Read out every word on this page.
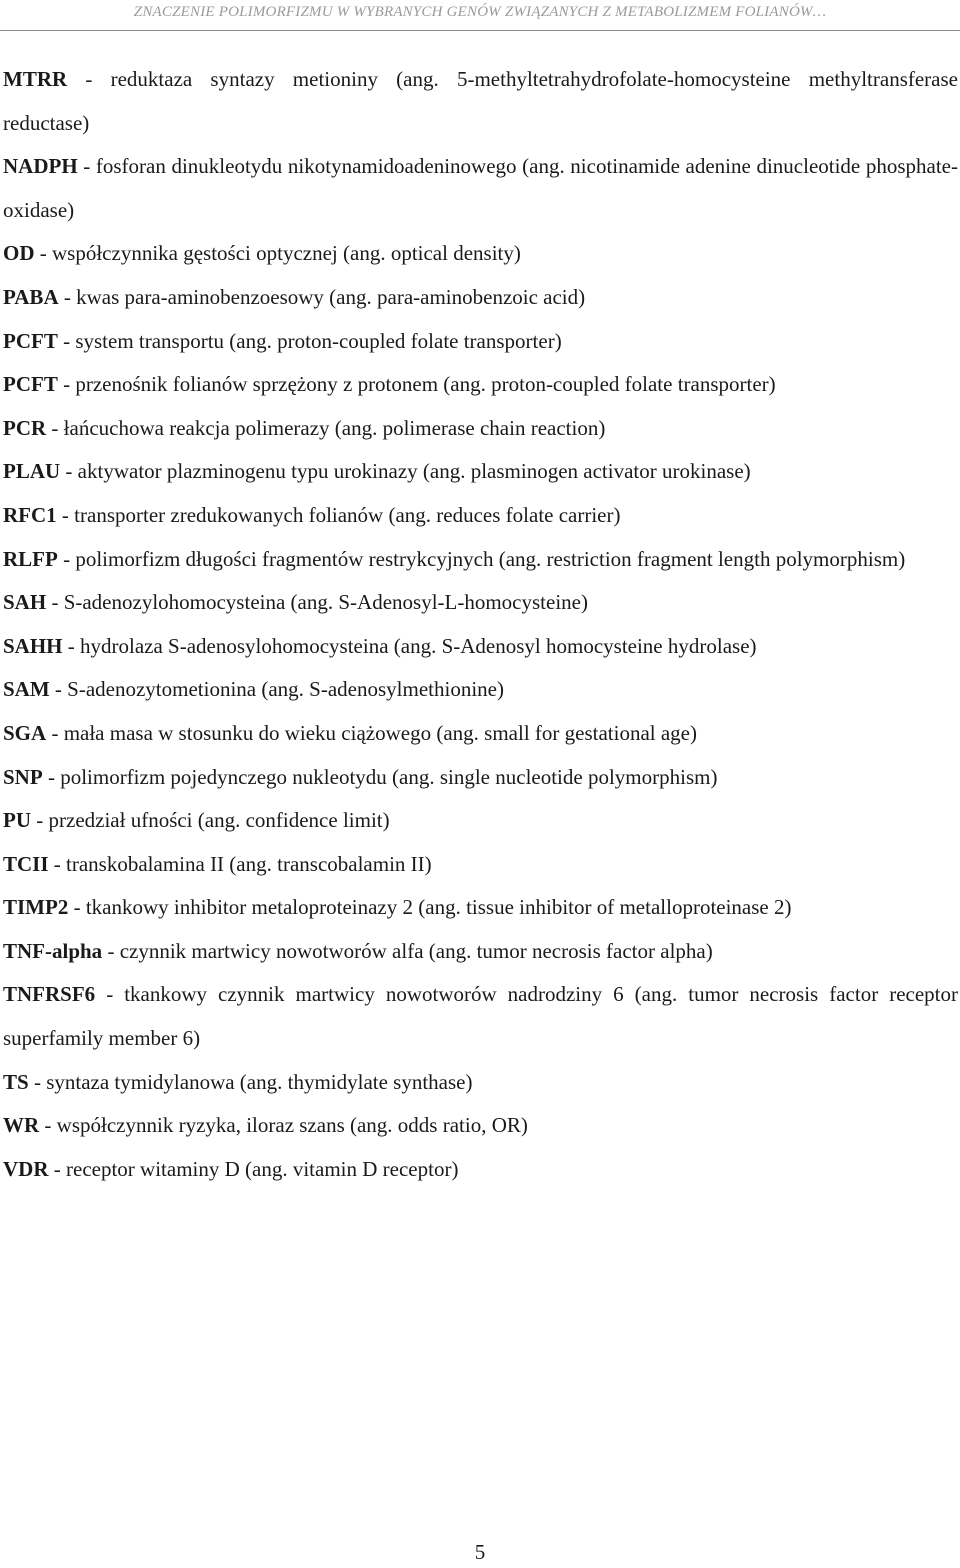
ZNACZENIE POLIMORFIZMU W WYBRANYCH GENÓW ZWIĄZANYCH Z METABOLIZMEM FOLIANÓW…
MTRR - reduktaza syntazy metioniny (ang. 5-methyltetrahydrofolate-homocysteine methyltransferase reductase)
NADPH - fosforan dinukleotydu nikotynamidoadeninowego (ang. nicotinamide adenine dinucleotide phosphate-oxidase)
OD - współczynnika gęstości optycznej (ang. optical density)
PABA - kwas para-aminobenzoesowy (ang. para-aminobenzoic acid)
PCFT - system transportu (ang. proton-coupled folate transporter)
PCFT - przenośnik folianów sprzężony z protonem (ang. proton-coupled folate transporter)
PCR - łańcuchowa reakcja polimerazy (ang. polimerase chain reaction)
PLAU - aktywator plazminogenu typu urokinazy (ang. plasminogen activator urokinase)
RFC1 - transporter zredukowanych folianów (ang. reduces folate carrier)
RLFP - polimorfizm długości fragmentów restrykcyjnych (ang. restriction fragment length polymorphism)
SAH - S-adenozylohomocysteina (ang. S-Adenosyl-L-homocysteine)
SAHH - hydrolaza S-adenosylohomocysteina (ang. S-Adenosyl homocysteine hydrolase)
SAM - S-adenozytometionina (ang. S-adenosylmethionine)
SGA - mała masa w stosunku do wieku ciążowego (ang. small for gestational age)
SNP - polimorfizm pojedynczego nukleotydu (ang. single nucleotide polymorphism)
PU - przedział ufności (ang. confidence limit)
TCII - transkobalamina II (ang. transcobalamin II)
TIMP2 - tkankowy inhibitor metaloproteinazy 2 (ang. tissue inhibitor of metalloproteinase 2)
TNF-alpha - czynnik martwicy nowotworów alfa (ang. tumor necrosis factor alpha)
TNFRSF6 - tkankowy czynnik martwicy nowotworów nadrodziny 6 (ang. tumor necrosis factor receptor superfamily member 6)
TS - syntaza tymidylanowa (ang. thymidylate synthase)
WR - współczynnik ryzyka, iloraz szans (ang. odds ratio, OR)
VDR - receptor witaminy D (ang. vitamin D receptor)
5
